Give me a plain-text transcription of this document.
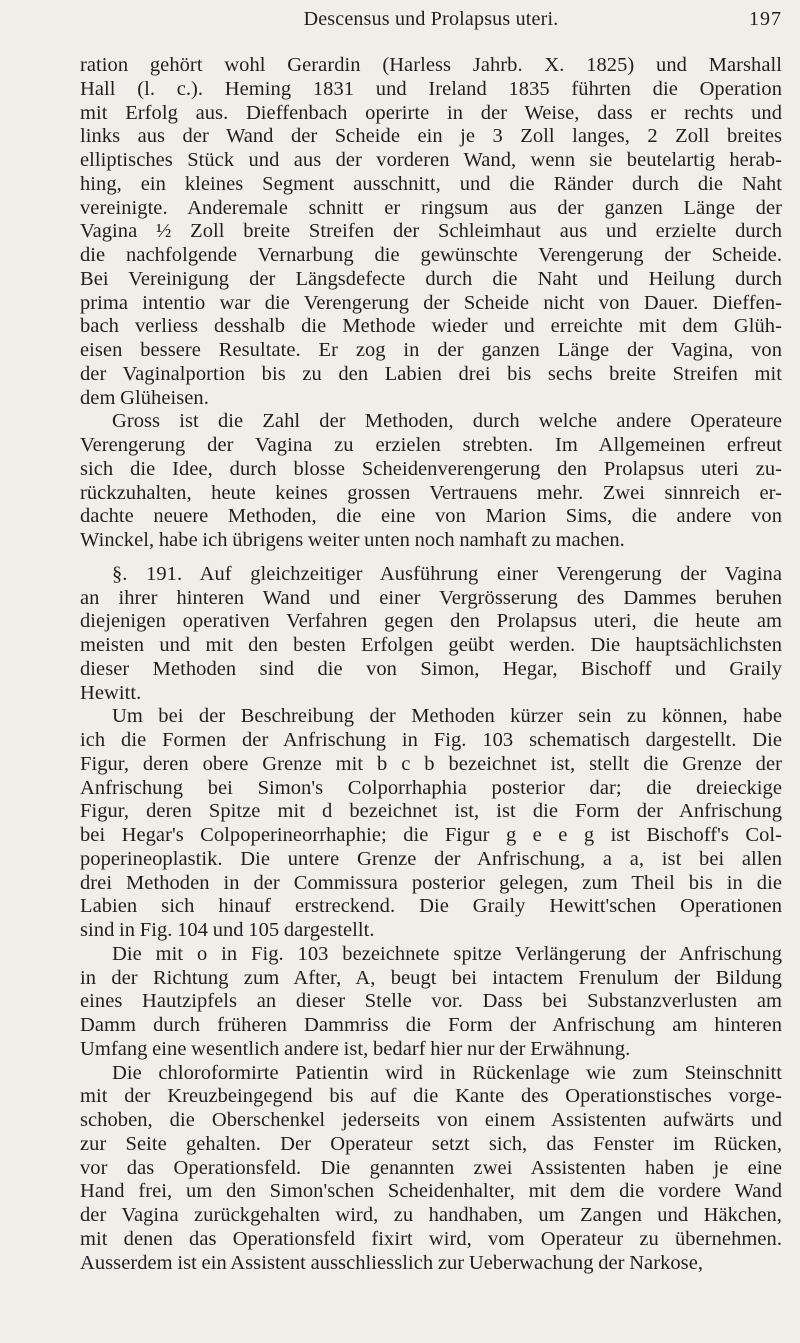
Descensus und Prolapsus uteri.	197
ration gehört wohl Gerardin (Harless Jahrb. X. 1825) und Marshall
Hall (l. c.). Heming 1831 und Ireland 1835 führten die Operation
mit Erfolg aus. Dieffenbach operirte in der Weise, dass er rechts und
links aus der Wand der Scheide ein je 3 Zoll langes, 2 Zoll breites
elliptisches Stück und aus der vorderen Wand, wenn sie beutelartig herab-
hing, ein kleines Segment ausschnitt, und die Ränder durch die Naht
vereinigte. Anderemale schnitt er ringsum aus der ganzen Länge der
Vagina ½ Zoll breite Streifen der Schleimhaut aus und erzielte durch
die nachfolgende Vernarbung die gewünschte Verengerung der Scheide.
Bei Vereinigung der Längsdefecte durch die Naht und Heilung durch
prima intentio war die Verengerung der Scheide nicht von Dauer. Dieffen-
bach verliess desshalb die Methode wieder und erreichte mit dem Glüh-
eisen bessere Resultate. Er zog in der ganzen Länge der Vagina, von
der Vaginalportion bis zu den Labien drei bis sechs breite Streifen mit
dem Glüheisen.
Gross ist die Zahl der Methoden, durch welche andere Operateure
Verengerung der Vagina zu erzielen strebten. Im Allgemeinen erfreut
sich die Idee, durch blosse Scheidenverengerung den Prolapsus uteri zu-
rückzuhalten, heute keines grossen Vertrauens mehr. Zwei sinnreich er-
dachte neuere Methoden, die eine von Marion Sims, die andere von
Winckel, habe ich übrigens weiter unten noch namhaft zu machen.
§. 191. Auf gleichzeitiger Ausführung einer Verengerung der Vagina
an ihrer hinteren Wand und einer Vergrösserung des Dammes beruhen
diejenigen operativen Verfahren gegen den Prolapsus uteri, die heute am
meisten und mit den besten Erfolgen geübt werden. Die hauptsächlichsten
dieser Methoden sind die von Simon, Hegar, Bischoff und Graily
Hewitt.
Um bei der Beschreibung der Methoden kürzer sein zu können, habe
ich die Formen der Anfrischung in Fig. 103 schematisch dargestellt. Die
Figur, deren obere Grenze mit b c b bezeichnet ist, stellt die Grenze der
Anfrischung bei Simon's Colporrhaphia posterior dar; die dreieckige
Figur, deren Spitze mit d bezeichnet ist, ist die Form der Anfrischung
bei Hegar's Colpoperineorrhaphie; die Figur g e e g ist Bischoff's Col-
poperineoplastik. Die untere Grenze der Anfrischung, a a, ist bei allen
drei Methoden in der Commissura posterior gelegen, zum Theil bis in die
Labien sich hinauf erstreckend. Die Graily Hewitt'schen Operationen
sind in Fig. 104 und 105 dargestellt.
Die mit o in Fig. 103 bezeichnete spitze Verlängerung der Anfrischung
in der Richtung zum After, A, beugt bei intactem Frenulum der Bildung
eines Hautzipfels an dieser Stelle vor. Dass bei Substanzverlusten am
Damm durch früheren Dammriss die Form der Anfrischung am hinteren
Umfang eine wesentlich andere ist, bedarf hier nur der Erwähnung.
Die chloroformirte Patientin wird in Rückenlage wie zum Steinschnitt
mit der Kreuzbeingegend bis auf die Kante des Operationstisches vorge-
schoben, die Oberschenkel jederseits von einem Assistenten aufwärts und
zur Seite gehalten. Der Operateur setzt sich, das Fenster im Rücken,
vor das Operationsfeld. Die genannten zwei Assistenten haben je eine
Hand frei, um den Simon'schen Scheidenhalter, mit dem die vordere Wand
der Vagina zurückgehalten wird, zu handhaben, um Zangen und Häkchen,
mit denen das Operationsfeld fixirt wird, vom Operateur zu übernehmen.
Ausserdem ist ein Assistent ausschliesslich zur Ueberwachung der Narkose,
